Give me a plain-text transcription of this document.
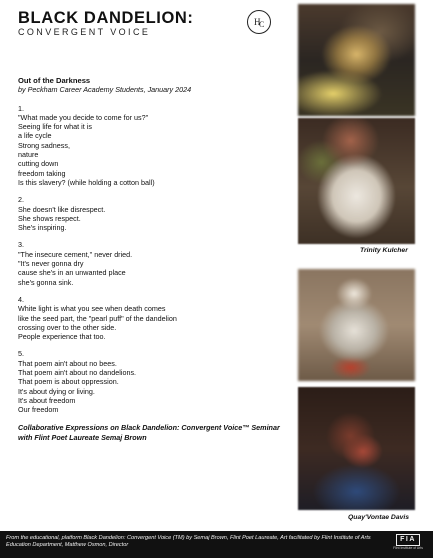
BLACK DANDELION:
CONVERGENT VOICE
H
C
Out of the Darkness
by Peckham Career Academy Students, January 2024
1.
"What made you decide to come for us?"
Seeing life for what it is
a life cycle
Strong sadness,
nature
cutting down
freedom taking
Is this slavery? (while holding a cotton ball)
2.
She doesn't like disrespect.
She shows respect.
She's inspiring.
3.
"The insecure cement," never dried.
"It's never gonna dry
cause she's in an unwanted place
she's gonna sink.
4.
White light is what you see when death comes
like the seed part, the "pearl puff" of the dandelion
crossing over to the other side.
People experience that too.
5.
That poem ain't about no bees.
That poem ain't about no dandelions.
That poem is about oppression.
It's about dying or living.
It's about freedom
Our freedom
Collaborative Expressions on Black Dandelion: Convergent Voice™ Seminar
with Flint Poet Laureate Semaj Brown
Trinity Kulcher
Quay'Vontae Davis
From the educational, platform Black Dandelion: Convergent Voice (TM) by Semaj Brown, Flint Poet Laureate, Art facilitated by Flint Institute of Arts Education Department, Matthew Osmon, Director
FIA
Flint Institute of Arts
